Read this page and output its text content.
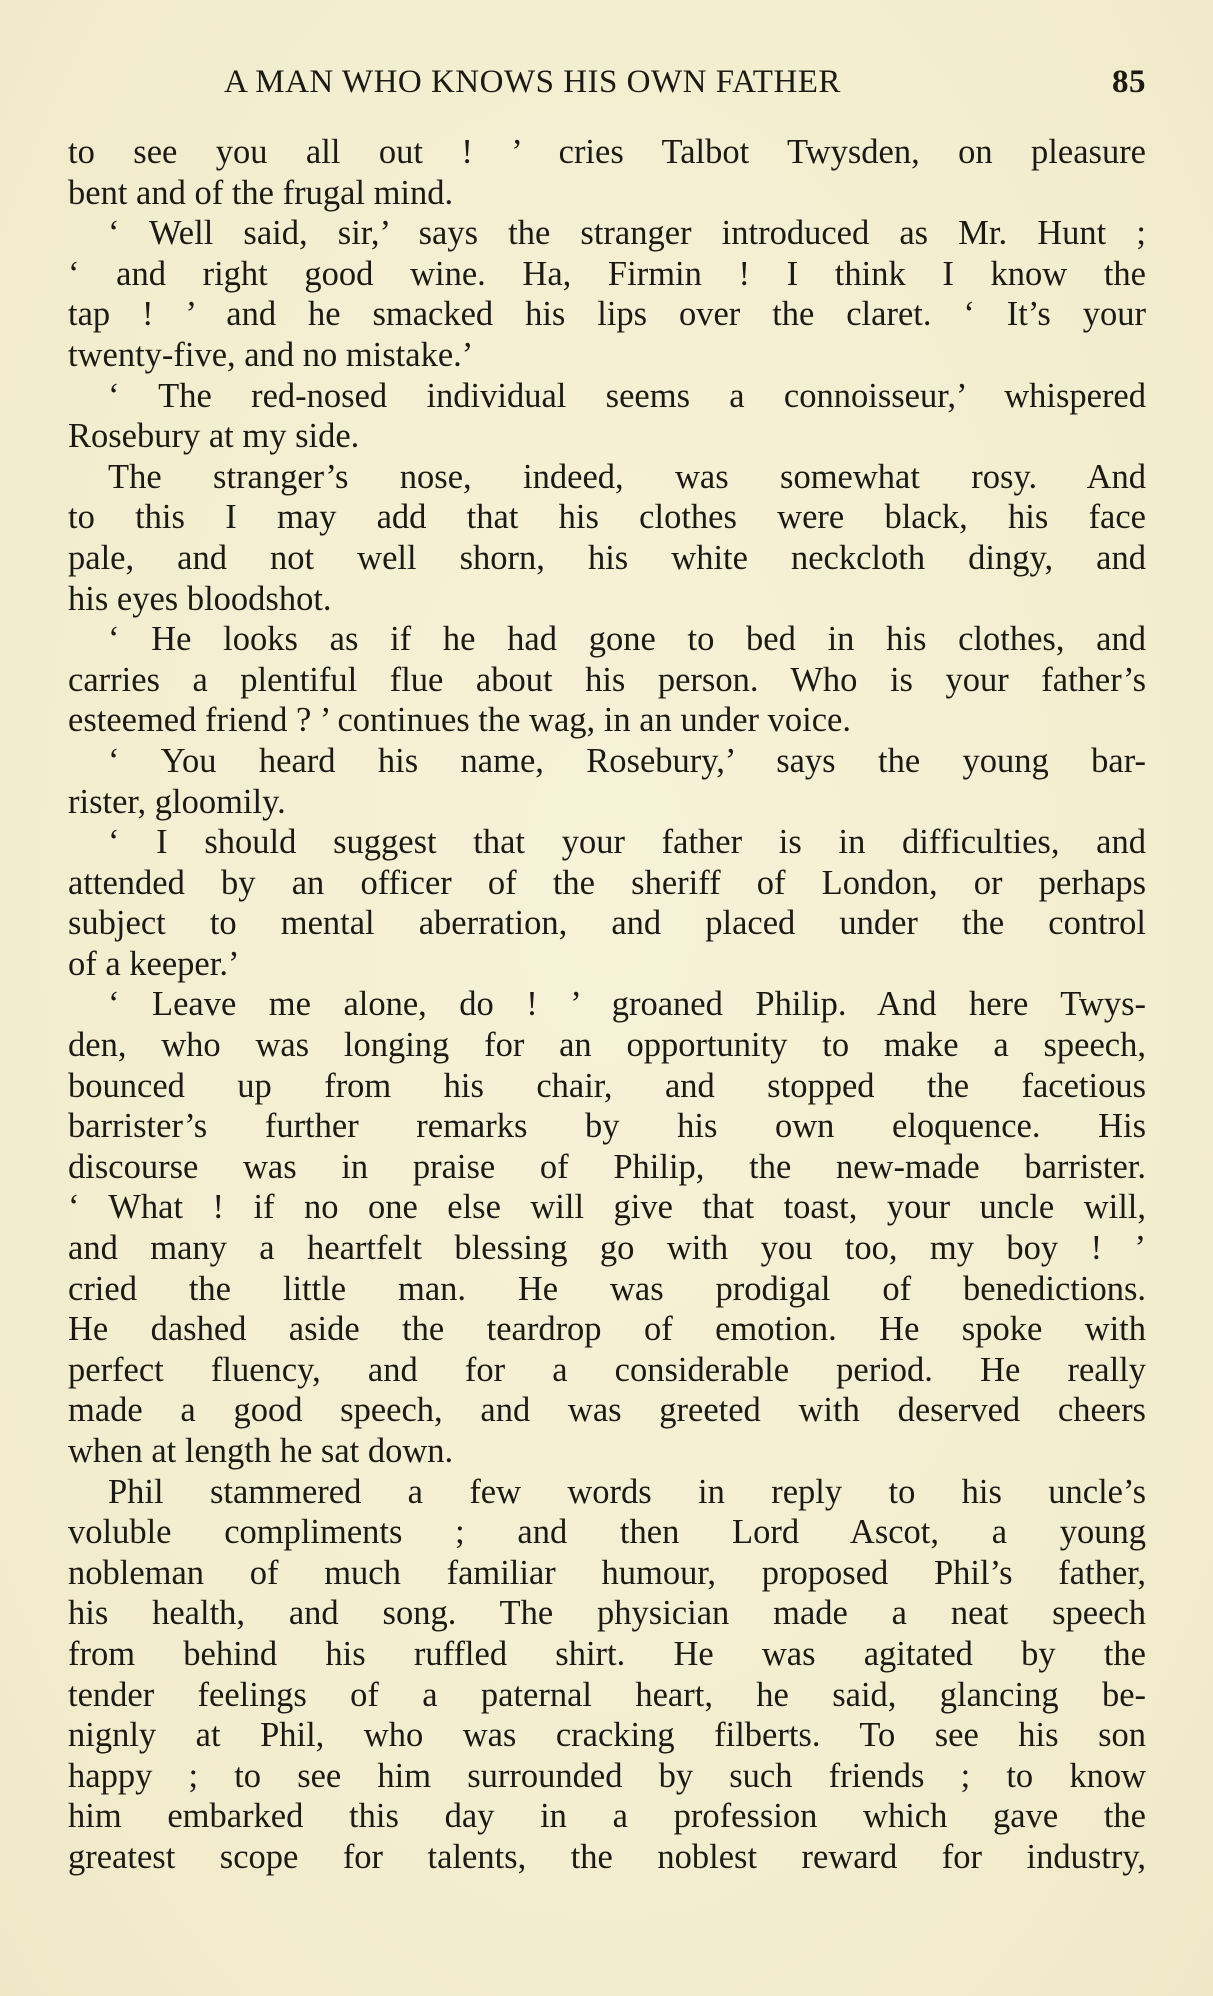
A MAN WHO KNOWS HIS OWN FATHER	85
to see you all out ! ’ cries Talbot Twysden, on pleasure
bent and of the frugal mind.
‘ Well said, sir,’ says the stranger introduced as Mr. Hunt ;
‘ and right good wine. Ha, Firmin ! I think I know the
tap ! ’ and he smacked his lips over the claret. ‘ It’s your
twenty-five, and no mistake.’
‘ The red-nosed individual seems a connoisseur,’ whispered
Rosebury at my side.
The stranger’s nose, indeed, was somewhat rosy. And
to this I may add that his clothes were black, his face
pale, and not well shorn, his white neckcloth dingy, and
his eyes bloodshot.
‘ He looks as if he had gone to bed in his clothes, and
carries a plentiful flue about his person. Who is your father’s
esteemed friend ? ’ continues the wag, in an under voice.
‘ You heard his name, Rosebury,’ says the young bar-
rister, gloomily.
‘ I should suggest that your father is in difficulties, and
attended by an officer of the sheriff of London, or perhaps
subject to mental aberration, and placed under the control
of a keeper.’
‘ Leave me alone, do ! ’ groaned Philip. And here Twys-
den, who was longing for an opportunity to make a speech,
bounced up from his chair, and stopped the facetious
barrister’s further remarks by his own eloquence. His
discourse was in praise of Philip, the new-made barrister.
‘ What ! if no one else will give that toast, your uncle will,
and many a heartfelt blessing go with you too, my boy ! ’
cried the little man. He was prodigal of benedictions.
He dashed aside the teardrop of emotion. He spoke with
perfect fluency, and for a considerable period. He really
made a good speech, and was greeted with deserved cheers
when at length he sat down.
Phil stammered a few words in reply to his uncle’s
voluble compliments ; and then Lord Ascot, a young
nobleman of much familiar humour, proposed Phil’s father,
his health, and song. The physician made a neat speech
from behind his ruffled shirt. He was agitated by the
tender feelings of a paternal heart, he said, glancing be-
nignly at Phil, who was cracking filberts. To see his son
happy ; to see him surrounded by such friends ; to know
him embarked this day in a profession which gave the
greatest scope for talents, the noblest reward for industry,
